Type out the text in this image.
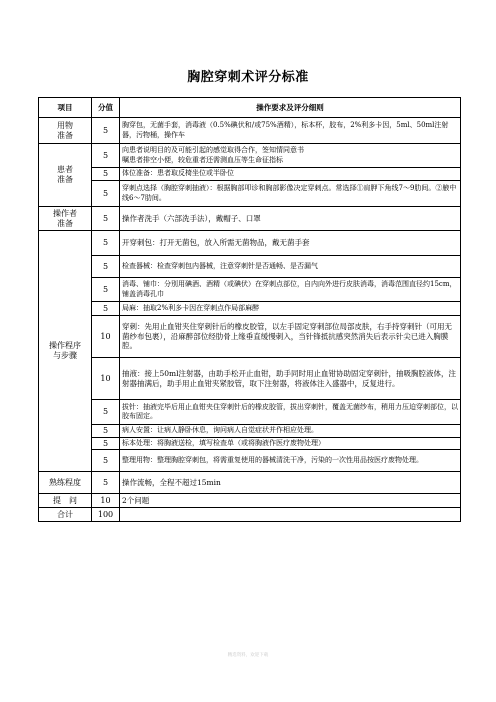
胸腔穿刺术评分标准
项目	分值	操作要求及评分细则
用物
准备	5	胸穿包，无菌手套，消毒液（0.5%碘伏和/或75%酒精），标本杯，胶布，2%利多卡因，5ml、50ml注射器，污物桶，操作车
患者
准备	5	向患者说明目的及可能引起的感觉取得合作，签知情同意书
嘱患者排空小便，较危重者还需测血压等生命征指标
	5	体位准备：患者取反椅坐位或半卧位
	5	穿刺点选择（胸腔穿刺抽液）：根据胸部叩诊和胸部影像决定穿刺点。常选择①肩胛下角线7～9肋间。②腋中线6～7肋间。
操作者
准备	5	操作者洗手（六部洗手法），戴帽子、口罩
操作程序
与步骤	5	开穿刺包：打开无菌包，放入所需无菌物品，戴无菌手套
	5	检查器械：检查穿刺包内器械，注意穿刺针是否通畅、是否漏气
	5	消毒、铺巾：分別用碘酒、酒精（或碘伏）在穿刺点部位，自内向外进行皮肤消毒，消毒范围直径约15cm，铺盖消毒孔巾
	5	局麻：抽取2%利多卡因在穿刺点作局部麻醉
	10	穿刺：先用止血钳夹住穿刺针后的橡皮胶管，以左手固定穿刺部位局部皮肤，右手持穿刺针（可用无菌纱布包裹），沿麻醉部位经肋骨上缘垂直缓慢刺入，当针锋抵抗感突然消失后表示针尖已进入胸膜腔。
	10	抽液：接上50ml注射器，由助手松开止血钳，助手同时用止血钳协助固定穿刺针，抽吸胸腔液体，注射器抽满后，助手用止血钳夹紧胶管，取下注射器，将液体注入盛器中，反复进行。
	5	拔针：抽液完毕后用止血钳夹住穿刺针后的橡皮胶管，拔出穿刺针，覆盖无菌纱布，稍用力压迫穿刺部位，以胶布固定。
	5	病人安置：让病人静卧休息，询问病人自觉症状并作相应处理。
	5	标本处理：将胸液送检，填写检查单（或将胸液作医疗废物处理）
	5	整理用物：整理胸腔穿刺包，将需重复使用的器械清洗干净，污染的一次性用品按医疗废物处理。
熟练程度	5	操作流畅，全程不超过15min
提　问	10	2个问题
合计	100	
精选资料，欢迎下载
